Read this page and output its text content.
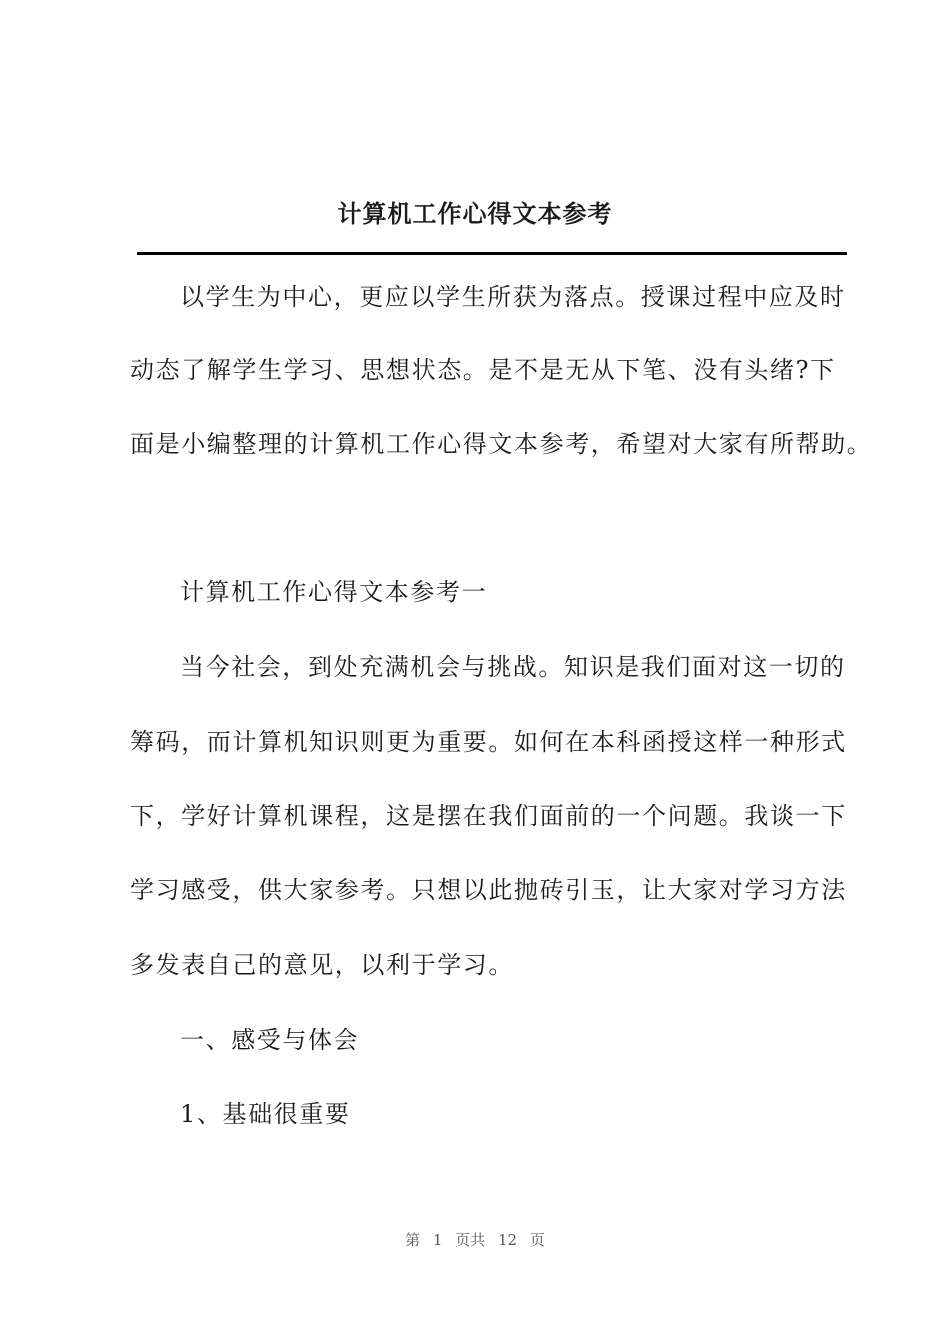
计算机工作心得文本参考

以学生为中心，更应以学生所获为落点。授课过程中应及时

动态了解学生学习、思想状态。是不是无从下笔、没有头绪?下

面是小编整理的计算机工作心得文本参考，希望对大家有所帮助。

计算机工作心得文本参考一

当今社会，到处充满机会与挑战。知识是我们面对这一切的

筹码，而计算机知识则更为重要。如何在本科函授这样一种形式

下，学好计算机课程，这是摆在我们面前的一个问题。我谈一下

学习感受，供大家参考。只想以此抛砖引玉，让大家对学习方法

多发表自己的意见，以利于学习。

一、感受与体会

1、基础很重要

第 1 页共 12 页
